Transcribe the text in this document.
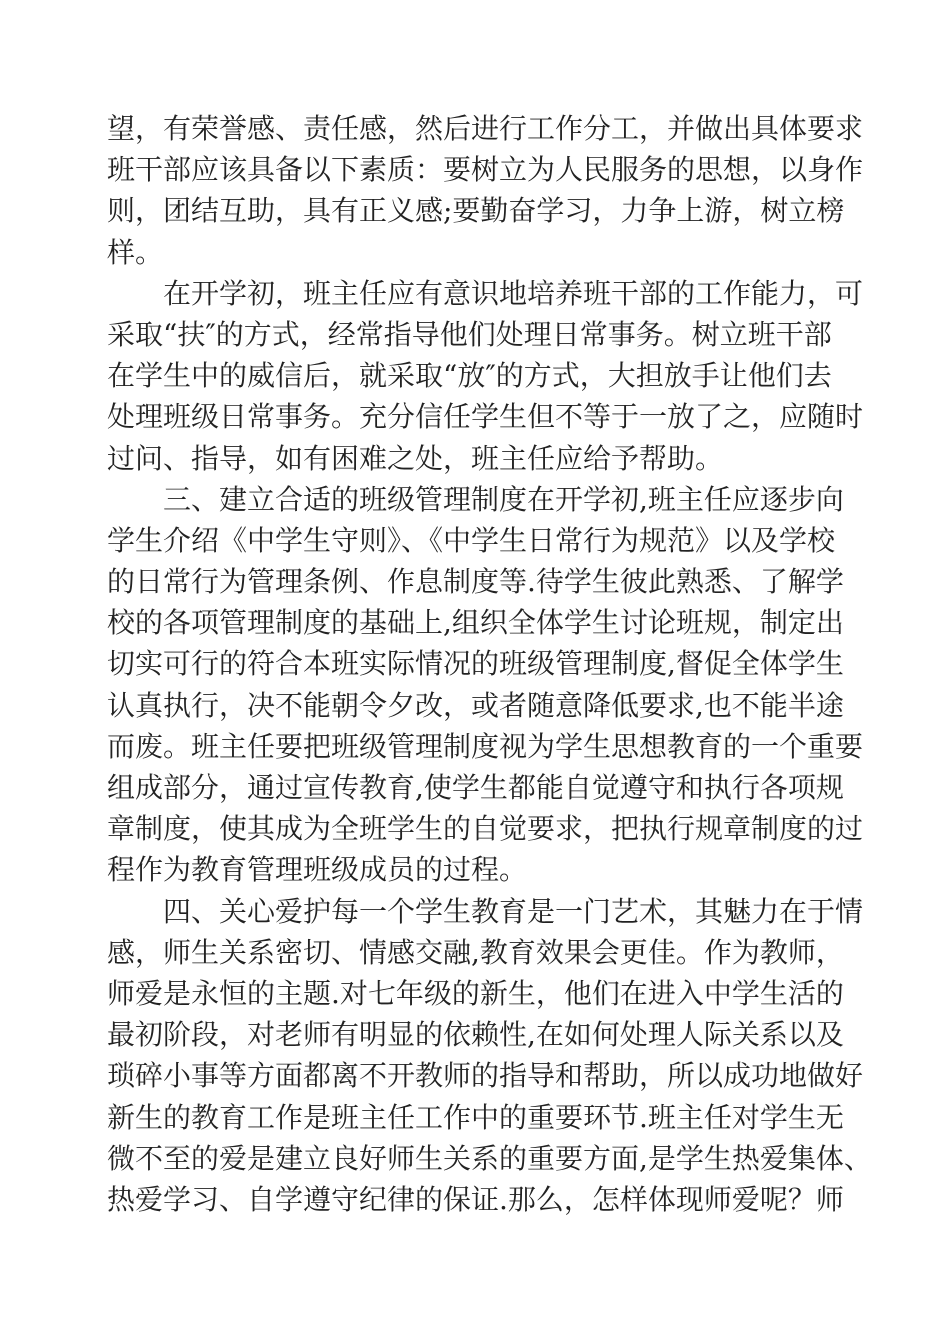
望，有荣誉感、责任感，然后进行工作分工，并做出具体要求
班干部应该具备以下素质：要树立为人民服务的思想，以身作
则，团结互助，具有正义感;要勤奋学习，力争上游，树立榜
样。
　　在开学初，班主任应有意识地培养班干部的工作能力，可
采取“扶″的方式，经常指导他们处理日常事务。树立班干部
在学生中的威信后，就采取“放″的方式，大担放手让他们去
处理班级日常事务。充分信任学生但不等于一放了之，应随时
过问、指导，如有困难之处，班主任应给予帮助。
　　三、建立合适的班级管理制度在开学初,班主任应逐步向
学生介绍《中学生守则》、《中学生日常行为规范》以及学校
的日常行为管理条例、作息制度等.待学生彼此熟悉、了解学
校的各项管理制度的基础上,组织全体学生讨论班规，制定出
切实可行的符合本班实际情况的班级管理制度,督促全体学生
认真执行，决不能朝令夕改，或者随意降低要求,也不能半途
而废。班主任要把班级管理制度视为学生思想教育的一个重要
组成部分，通过宣传教育,使学生都能自觉遵守和执行各项规
章制度，使其成为全班学生的自觉要求，把执行规章制度的过
程作为教育管理班级成员的过程。
　　四、关心爱护每一个学生教育是一门艺术，其魅力在于情
感，师生关系密切、情感交融,教育效果会更佳。作为教师，
师爱是永恒的主题.对七年级的新生，他们在进入中学生活的
最初阶段，对老师有明显的依赖性,在如何处理人际关系以及
琐碎小事等方面都离不开教师的指导和帮助，所以成功地做好
新生的教育工作是班主任工作中的重要环节.班主任对学生无
微不至的爱是建立良好师生关系的重要方面,是学生热爱集体、
热爱学习、自学遵守纪律的保证.那么，怎样体现师爱呢？师
